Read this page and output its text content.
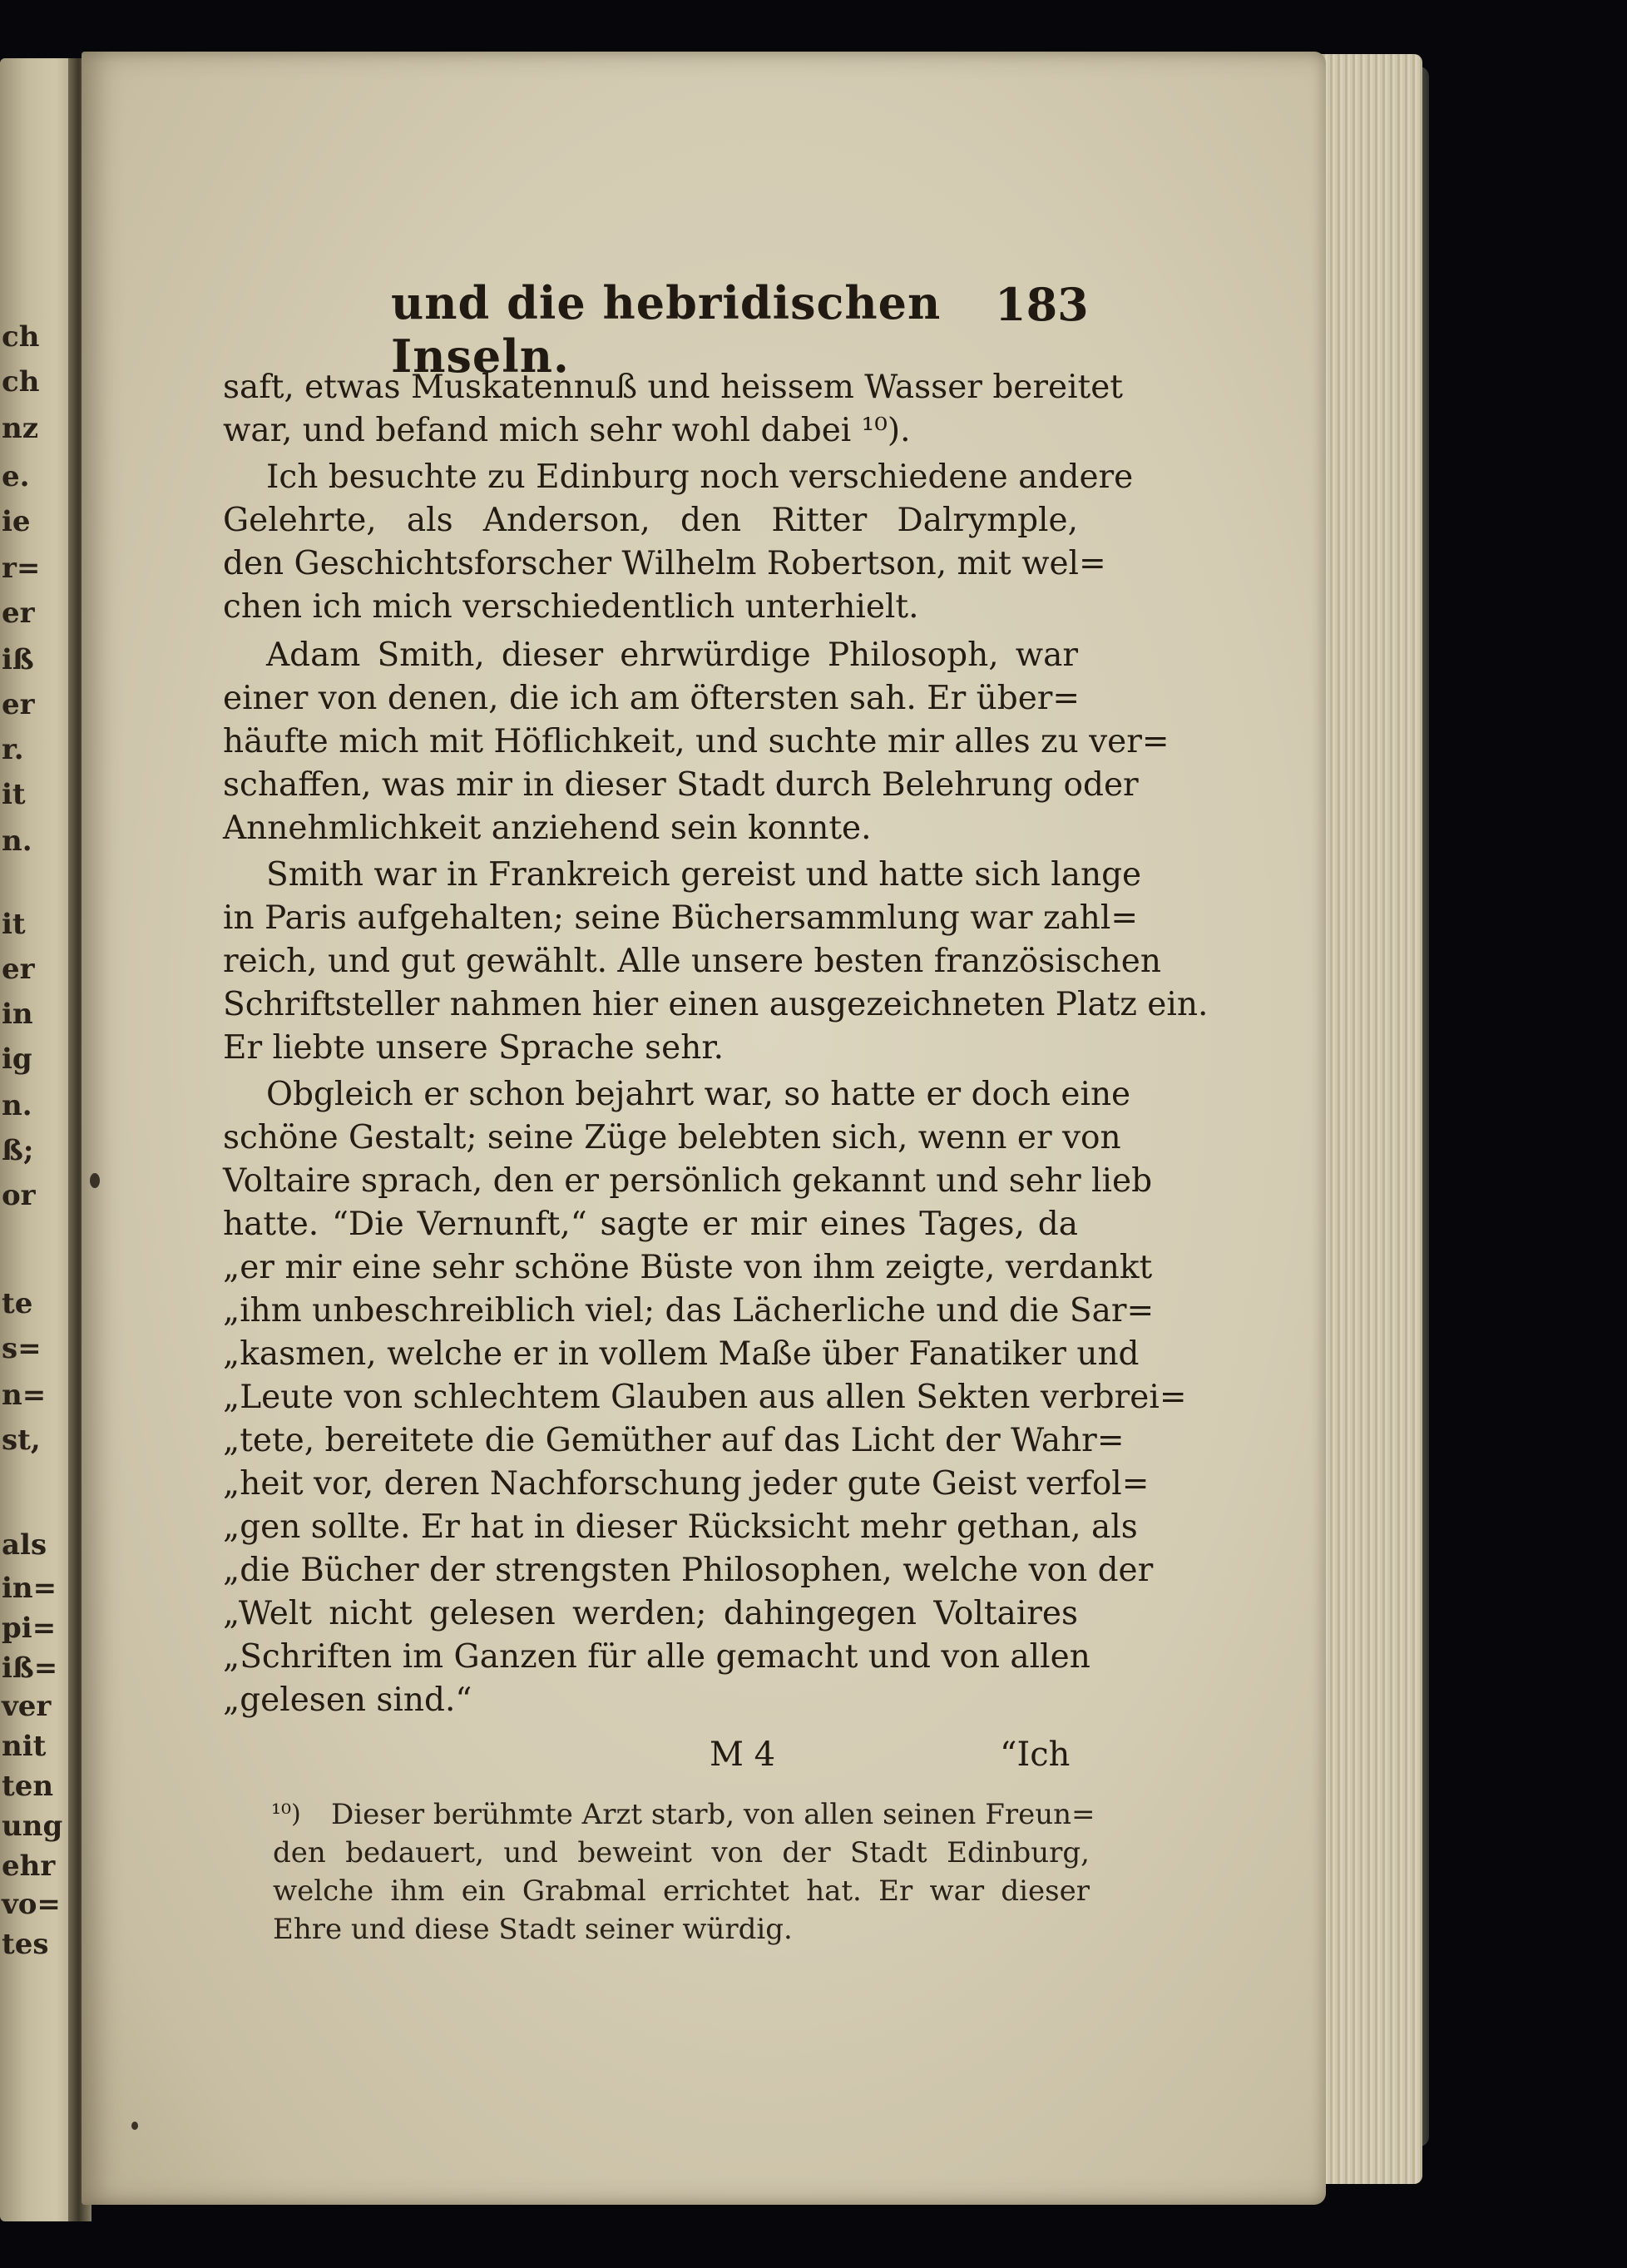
ch
ch
nz
e.
ie
r=
er
iß
er
r.
it
n.
it
er
in
ig
n.
ß;
or
te
s=
n=
st,
als
in=
pi=
iß=
ver
nit
ten
ung
ehr
vo=
tes
und die hebridischen Inseln.
183
saft, etwas Muskatennuß und heissem Wasser bereitet
war, und befand mich sehr wohl dabei ¹⁰).
Ich besuchte zu Edinburg noch verschiedene andere
Gelehrte, als Anderson, den Ritter Dalrymple,
den Geschichtsforscher Wilhelm Robertson, mit wel=
chen ich mich verschiedentlich unterhielt.
Adam Smith, dieser ehrwürdige Philosoph, war
einer von denen, die ich am öftersten sah. Er über=
häufte mich mit Höflichkeit, und suchte mir alles zu ver=
schaffen, was mir in dieser Stadt durch Belehrung oder
Annehmlichkeit anziehend sein konnte.
Smith war in Frankreich gereist und hatte sich lange
in Paris aufgehalten; seine Büchersammlung war zahl=
reich, und gut gewählt. Alle unsere besten französischen
Schriftsteller nahmen hier einen ausgezeichneten Platz ein.
Er liebte unsere Sprache sehr.
Obgleich er schon bejahrt war, so hatte er doch eine
schöne Gestalt; seine Züge belebten sich, wenn er von
Voltaire sprach, den er persönlich gekannt und sehr lieb
hatte. “Die Vernunft,“ sagte er mir eines Tages, da
„er mir eine sehr schöne Büste von ihm zeigte, verdankt
„ihm unbeschreiblich viel; das Lächerliche und die Sar=
„kasmen, welche er in vollem Maße über Fanatiker und
„Leute von schlechtem Glauben aus allen Sekten verbrei=
„tete, bereitete die Gemüther auf das Licht der Wahr=
„heit vor, deren Nachforschung jeder gute Geist verfol=
„gen sollte. Er hat in dieser Rücksicht mehr gethan, als
„die Bücher der strengsten Philosophen, welche von der
„Welt nicht gelesen werden; dahingegen Voltaires
„Schriften im Ganzen für alle gemacht und von allen
„gelesen sind.“
M 4	“Ich
¹⁰) Dieser berühmte Arzt starb, von allen seinen Freun=
den bedauert, und beweint von der Stadt Edinburg,
welche ihm ein Grabmal errichtet hat. Er war dieser
Ehre und diese Stadt seiner würdig.
